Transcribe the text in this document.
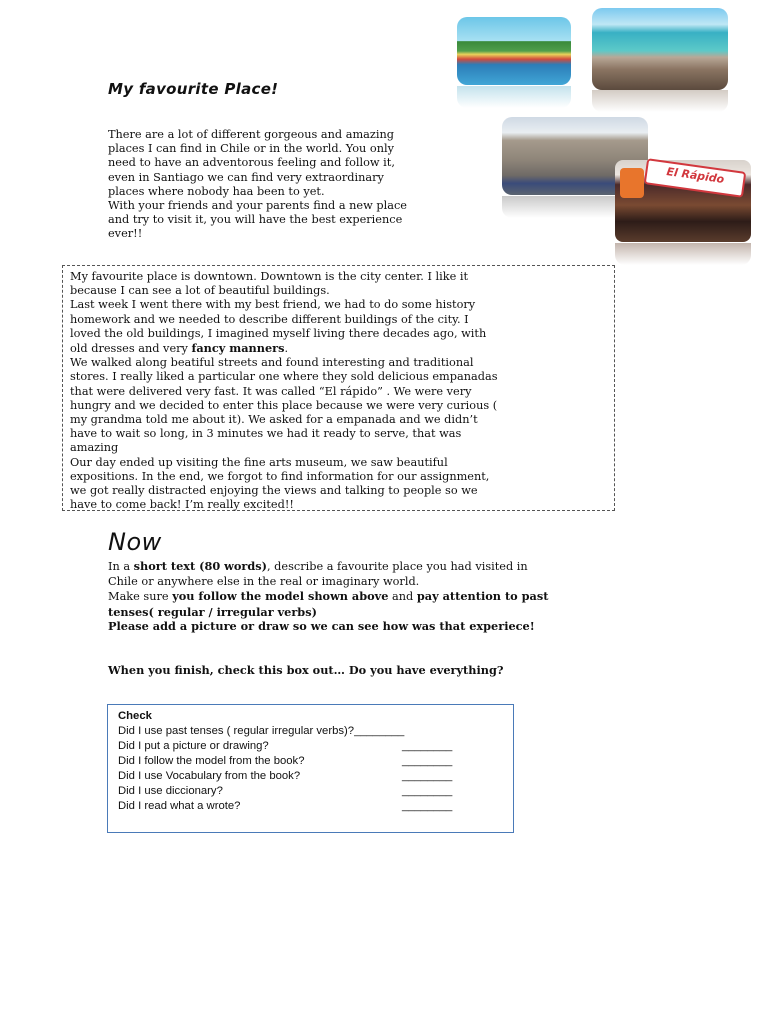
El Rápido
My favourite Place!

There are a lot of different gorgeous and amazing

places I can find in Chile or in the world. You only

need to have an adventorous feeling and follow it,

even in Santiago we can find very extraordinary

places where nobody haa been to yet.

With your friends and your parents find a new place

and try to visit it, you will have the best experience

ever!!

My favourite place is downtown. Downtown is the city center. I like it

because I can see a lot of beautiful buildings.

Last week I went there with my best friend, we had to do some history

homework and we needed to describe different buildings of the city. I

loved the old buildings, I imagined myself living there decades ago, with

old dresses and very fancy manners.

We walked along beatiful streets and found interesting and traditional

stores. I really liked a particular one where they sold delicious empanadas

that were delivered very fast. It was called “El rápido” . We were very

hungry and we decided to enter this place because we were very curious (

my grandma told me about it). We asked for a empanada and we didn’t

have to wait so long, in 3 minutes we had it ready to serve, that was

amazing

Our day ended up visiting the fine arts museum, we saw beautiful

expositions. In the end, we forgot to find information for our assignment,

we got really distracted enjoying the views and talking to people so we

have to come back! I’m really excited!!

Now

In a short text (80 words), describe a favourite place you had visited in

Chile or anywhere else in the real or imaginary world.

Make sure you follow the model shown above and pay attention to past

tenses( regular / irregular verbs)

Please add a picture or draw so we can see how was that experiece!

When you finish, check this box out… Do you have everything?
Check
Did I use past tenses ( regular irregular verbs)?________
Did I put a picture or drawing?	________
Did I follow the model from the book?	________
Did I use Vocabulary from the book?	________
Did I use diccionary?	________
Did I read what a wrote?	________
